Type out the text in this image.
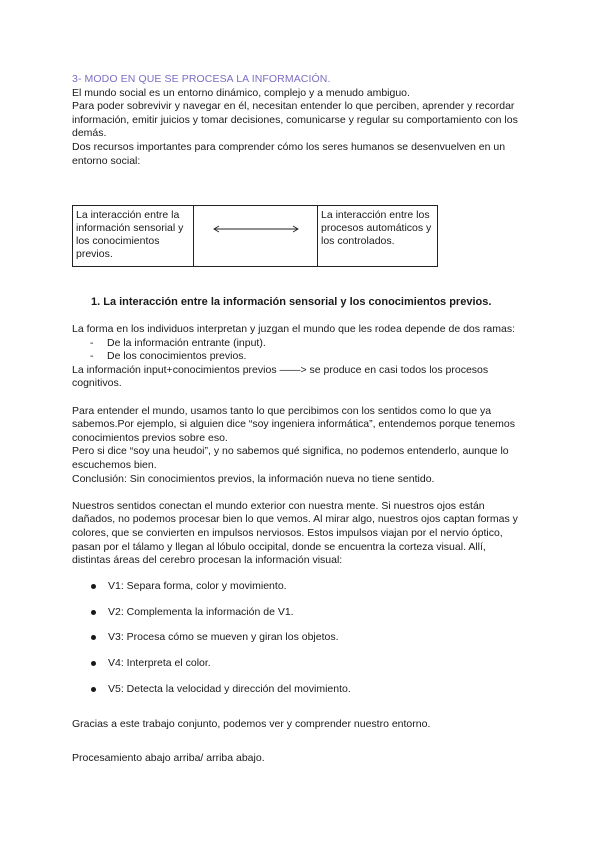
3- MODO EN QUE SE PROCESA LA INFORMACIÓN.

El mundo social es un entorno dinámico, complejo y a menudo ambiguo.

Para poder sobrevivir y navegar en él, necesitan entender lo que perciben, aprender y recordar información, emitir juicios y tomar decisiones, comunicarse y regular su comportamiento con los demás.

Dos recursos importantes para comprender cómo los seres humanos se desenvuelven en un entorno social:

La interacción entre la información sensorial y los conocimientos previos.
La interacción entre los procesos automáticos y los controlados.

1. La interacción entre la información sensorial y los conocimientos previos.

La forma en los individuos interpretan y juzgan el mundo que les rodea depende de dos ramas:

- De la información entrante (input).
- De los conocimientos previos.

La información input+conocimientos previos ——> se produce en casi todos los procesos cognitivos.

Para entender el mundo, usamos tanto lo que percibimos con los sentidos como lo que ya sabemos.Por ejemplo, si alguien dice “soy ingeniera informática”, entendemos porque tenemos conocimientos previos sobre eso.

Pero si dice “soy una heudoi”, y no sabemos qué significa, no podemos entenderlo, aunque lo escuchemos bien.

Conclusión: Sin conocimientos previos, la información nueva no tiene sentido.

Nuestros sentidos conectan el mundo exterior con nuestra mente. Si nuestros ojos están dañados, no podemos procesar bien lo que vemos. Al mirar algo, nuestros ojos captan formas y colores, que se convierten en impulsos nerviosos. Estos impulsos viajan por el nervio óptico, pasan por el tálamo y llegan al lóbulo occipital, donde se encuentra la corteza visual. Allí, distintas áreas del cerebro procesan la información visual:

V1: Separa forma, color y movimiento.
V2: Complementa la información de V1.
V3: Procesa cómo se mueven y giran los objetos.
V4: Interpreta el color.
V5: Detecta la velocidad y dirección del movimiento.

Gracias a este trabajo conjunto, podemos ver y comprender nuestro entorno.

Procesamiento abajo arriba/ arriba abajo.
